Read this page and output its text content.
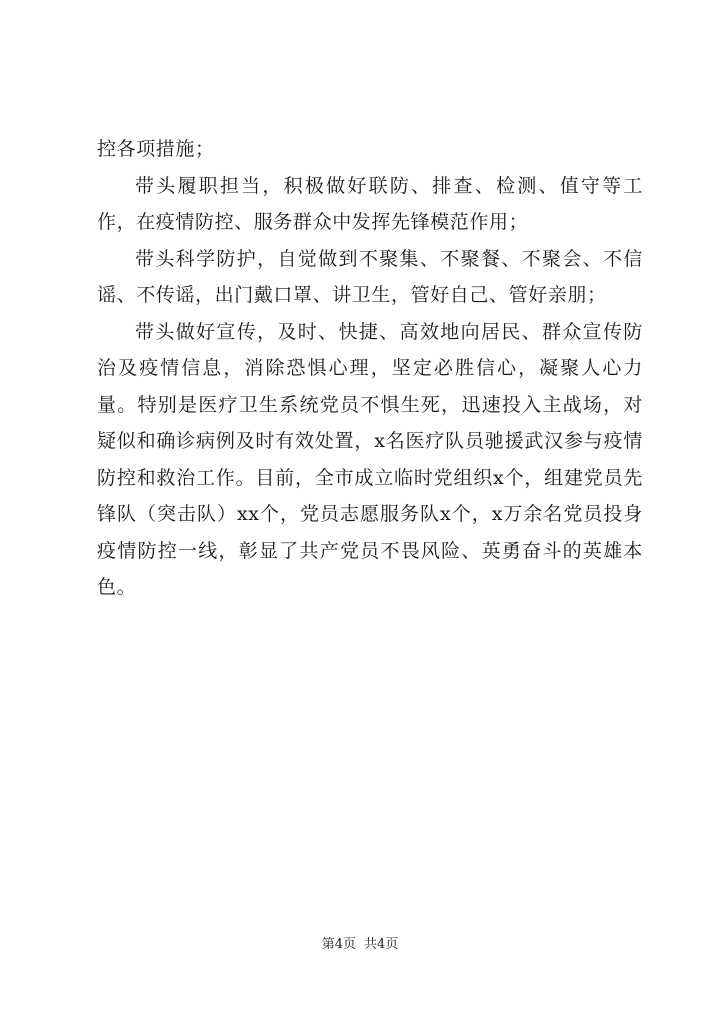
控各项措施；

带头履职担当，积极做好联防、排查、检测、值守等工作，在疫情防控、服务群众中发挥先锋模范作用；

带头科学防护，自觉做到不聚集、不聚餐、不聚会、不信谣、不传谣，出门戴口罩、讲卫生，管好自己、管好亲朋；

带头做好宣传，及时、快捷、高效地向居民、群众宣传防治及疫情信息，消除恐惧心理，坚定必胜信心，凝聚人心力量。特别是医疗卫生系统党员不惧生死，迅速投入主战场，对疑似和确诊病例及时有效处置，x名医疗队员驰援武汉参与疫情防控和救治工作。目前，全市成立临时党组织x个，组建党员先锋队（突击队）xx个，党员志愿服务队x个，x万余名党员投身疫情防控一线，彰显了共产党员不畏风险、英勇奋斗的英雄本色。

第4页 共4页
